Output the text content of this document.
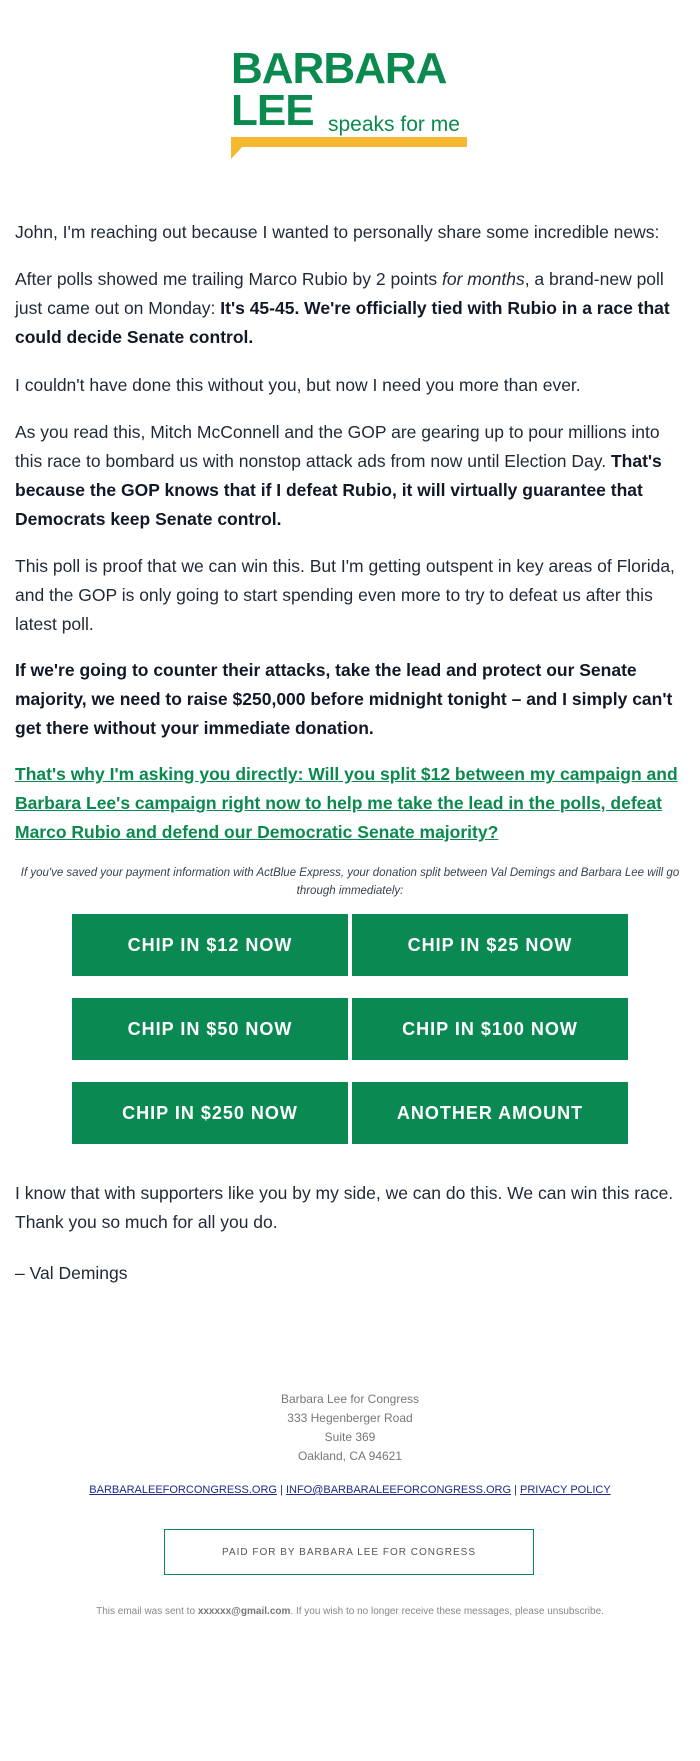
BARBARA
LEE speaks for me

John, I'm reaching out because I wanted to personally share some incredible news:

After polls showed me trailing Marco Rubio by 2 points for months, a brand-new poll just came out on Monday: It's 45-45. We're officially tied with Rubio in a race that could decide Senate control.

I couldn't have done this without you, but now I need you more than ever.

As you read this, Mitch McConnell and the GOP are gearing up to pour millions into this race to bombard us with nonstop attack ads from now until Election Day. That's because the GOP knows that if I defeat Rubio, it will virtually guarantee that Democrats keep Senate control.

This poll is proof that we can win this. But I'm getting outspent in key areas of Florida, and the GOP is only going to start spending even more to try to defeat us after this latest poll.

If we're going to counter their attacks, take the lead and protect our Senate majority, we need to raise $250,000 before midnight tonight – and I simply can't get there without your immediate donation.

That's why I'm asking you directly: Will you split $12 between my campaign and Barbara Lee's campaign right now to help me take the lead in the polls, defeat Marco Rubio and defend our Democratic Senate majority?

If you've saved your payment information with ActBlue Express, your donation split between Val Demings and Barbara Lee will go through immediately:
CHIP IN $12 NOW	CHIP IN $25 NOW
CHIP IN $50 NOW	CHIP IN $100 NOW
CHIP IN $250 NOW	ANOTHER AMOUNT

I know that with supporters like you by my side, we can do this. We can win this race. Thank you so much for all you do.

– Val Demings
Barbara Lee for Congress
333 Hegenberger Road
Suite 369
Oakland, CA 94621
BARBARALEEFORCONGRESS.ORG | INFO@BARBARALEEFORCONGRESS.ORG | PRIVACY POLICY
PAID FOR BY BARBARA LEE FOR CONGRESS
This email was sent to xxxxxx@gmail.com. If you wish to no longer receive these messages, please unsubscribe.
